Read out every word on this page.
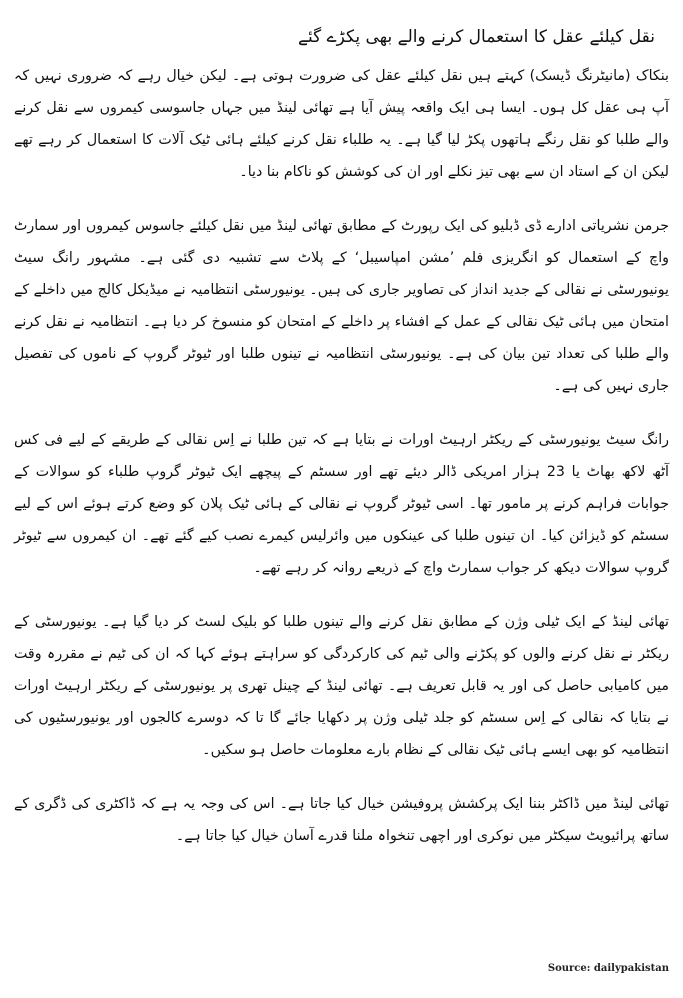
نقل کیلئے عقل کا استعمال کرنے والے بھی پکڑے گئے

بنکاک (مانیٹرنگ ڈیسک) کہتے ہیں نقل کیلئے عقل کی ضرورت ہوتی ہے۔ لیکن خیال رہے کہ ضروری نہیں کہ آپ ہی عقل کل ہوں۔ ایسا ہی ایک واقعہ پیش آیا ہے تھائی لینڈ میں جہاں جاسوسی کیمروں سے نقل کرنے والے طلبا کو نقل رنگے ہاتھوں پکڑ لیا گیا ہے۔ یہ طلباء نقل کرنے کیلئے ہائی ٹیک آلات کا استعمال کر رہے تھے لیکن ان کے استاد ان سے بھی تیز نکلے اور ان کی کوشش کو ناکام بنا دیا۔

جرمن نشریاتی ادارے ڈی ڈبلیو کی ایک رپورٹ کے مطابق تھائی لینڈ میں نقل کیلئے جاسوس کیمروں اور سمارٹ واچ کے استعمال کو انگریزی فلم ’مشن امپاسیبل‘ کے پلاٹ سے تشبیہ دی گئی ہے۔ مشہور رانگ سیٹ یونیورسٹی نے نقالی کے جدید انداز کی تصاویر جاری کی ہیں۔ یونیورسٹی انتظامیہ نے میڈیکل کالج میں داخلے کے امتحان میں ہائی ٹیک نقالی کے عمل کے افشاء پر داخلے کے امتحان کو منسوخ کر دیا ہے۔ انتظامیہ نے نقل کرنے والے طلبا کی تعداد تین بیان کی ہے۔ یونیورسٹی انتظامیہ نے تینوں طلبا اور ٹیوٹر گروپ کے ناموں کی تفصیل جاری نہیں کی ہے۔

رانگ سیٹ یونیورسٹی کے ریکٹر ارہیٹ اورات نے بتایا ہے کہ تین طلبا نے اِس نقالی کے طریقے کے لیے فی کس آٹھ لاکھ بھاٹ یا 23 ہزار امریکی ڈالر دیئے تھے اور سسٹم کے پیچھے ایک ٹیوٹر گروپ طلباء کو سوالات کے جوابات فراہم کرنے پر مامور تھا۔ اسی ٹیوٹر گروپ نے نقالی کے ہائی ٹیک پلان کو وضع کرتے ہوئے اس کے لیے سسٹم کو ڈیزائن کیا۔ ان تینوں طلبا کی عینکوں میں وائرلیس کیمرے نصب کیے گئے تھے۔ ان کیمروں سے ٹیوٹر گروپ سوالات دیکھ کر جواب سمارٹ واچ کے ذریعے روانہ کر رہے تھے۔

تھائی لینڈ کے ایک ٹیلی وژن کے مطابق نقل کرنے والے تینوں طلبا کو بلیک لسٹ کر دیا گیا ہے۔ یونیورسٹی کے ریکٹر نے نقل کرنے والوں کو پکڑنے والی ٹیم کی کارکردگی کو سراہتے ہوئے کہا کہ ان کی ٹیم نے مقررہ وقت میں کامیابی حاصل کی اور یہ قابل تعریف ہے۔ تھائی لینڈ کے چینل تھری پر یونیورسٹی کے ریکٹر ارہیٹ اورات نے بتایا کہ نقالی کے اِس سسٹم کو جلد ٹیلی وژن پر دکھایا جائے گا تا کہ دوسرے کالجوں اور یونیورسٹیوں کی انتظامیہ کو بھی ایسے ہائی ٹیک نقالی کے نظام بارے معلومات حاصل ہو سکیں۔

تھائی لینڈ میں ڈاکٹر بننا ایک پرکشش پروفیشن خیال کیا جاتا ہے۔ اس کی وجہ یہ ہے کہ ڈاکٹری کی ڈگری کے ساتھ پرائیویٹ سیکٹر میں نوکری اور اچھی تنخواہ ملنا قدرے آسان خیال کیا جاتا ہے۔

Source: dailypakistan
